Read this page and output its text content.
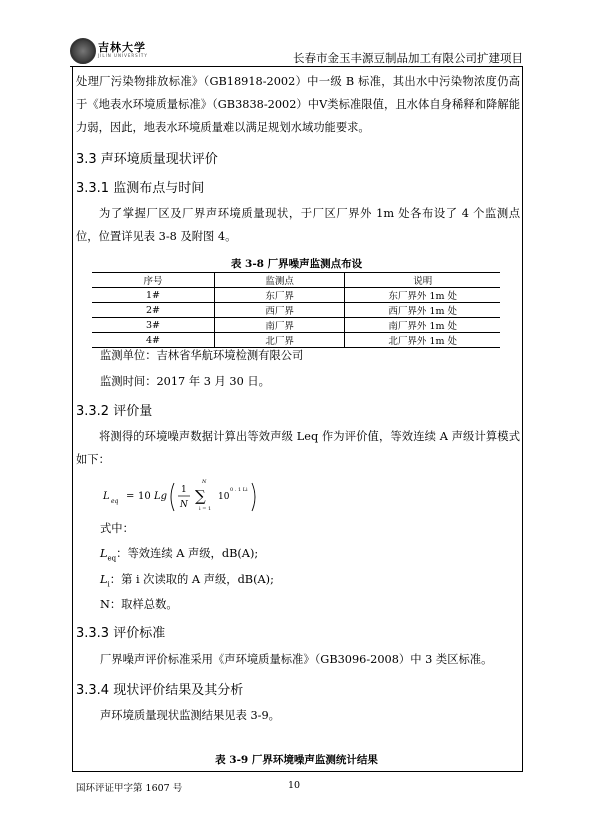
吉林大学
JILIN UNIVERSITY	长春市金玉丰源豆制品加工有限公司扩建项目
处理厂污染物排放标准》（GB18918-2002）中一级 B 标准，其出水中污染物浓度仍高于《地表水环境质量标准》（GB3838-2002）中Ⅴ类标准限值，且水体自身稀释和降解能力弱，因此，地表水环境质量难以满足规划水域功能要求。
3.3 声环境质量现状评价
3.3.1 监测布点与时间
为了掌握厂区及厂界声环境质量现状，于厂区厂界外 1m 处各布设了 4 个监测点位，位置详见表 3-8 及附图 4。
表 3-8 厂界噪声监测点布设
序号	监测点	说明
1#	东厂界	东厂界外 1m 处
2#	西厂界	西厂界外 1m 处
3#	南厂界	南厂界外 1m 处
4#	北厂界	北厂界外 1m 处
监测单位：吉林省华航环境检测有限公司
监测时间：2017 年 3 月 30 日。
3.3.2 评价量
将测得的环境噪声数据计算出等效声级 Leq 作为评价值，等效连续 A 声级计算模式如下：
L eq = 10 Lg
1
N
N
∑
i = 1
10
0 . 1 Li
式中：
$L_{eq}$：等效连续 A 声级，dB(A);
$L_i$：第 i 次读取的 A 声级，dB(A);
N：取样总数。
3.3.3 评价标准
厂界噪声评价标准采用《声环境质量标准》（GB3096-2008）中 3 类区标准。
3.3.4 现状评价结果及其分析
声环境质量现状监测结果见表 3-9。
表 3-9 厂界环境噪声监测统计结果
国环评证甲字第 1607 号	10
